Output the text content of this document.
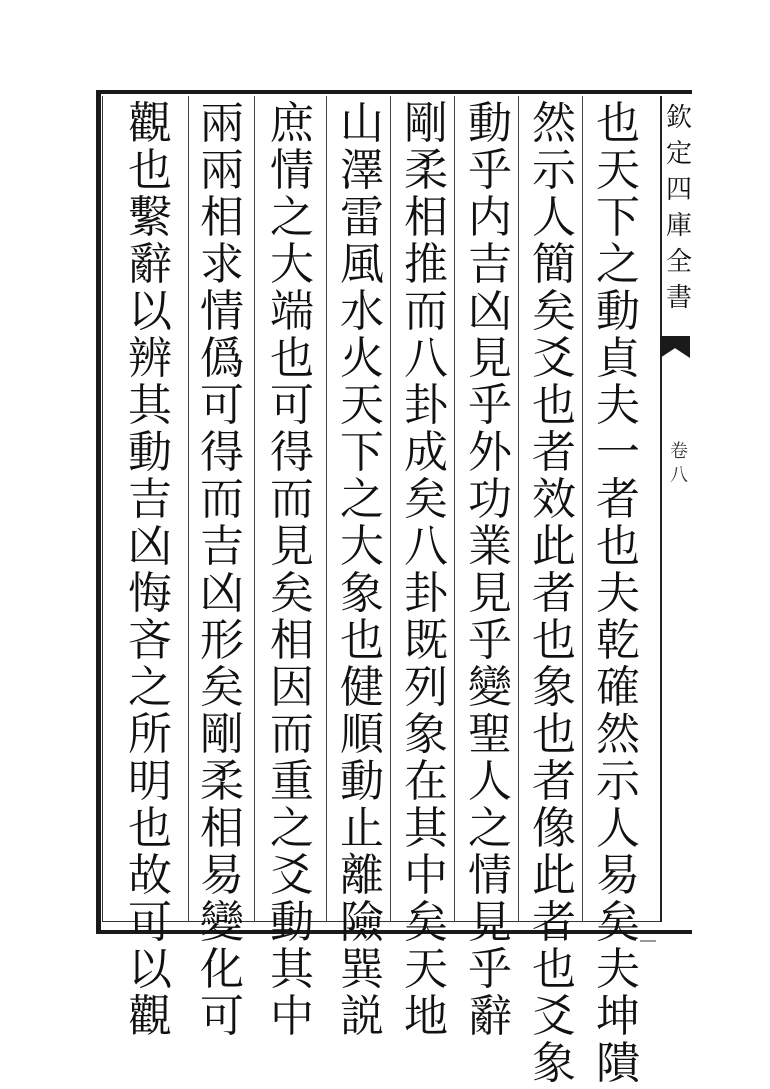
欽
定
四
庫
全
書
卷
八
也
天
下
之
動
貞
夫
一
者
也
夫
乾
確
然
示
人
易
矣
夫
坤
隤
然
示
人
簡
矣
爻
也
者
效
此
者
也
象
也
者
像
此
者
也
爻
象
動
乎
内
吉
凶
見
乎
外
功
業
見
乎
變
聖
人
之
情
見
乎
辭
剛
柔
相
推
而
八
卦
成
矣
八
卦
既
列
象
在
其
中
矣
天
地
山
澤
雷
風
水
火
天
下
之
大
象
也
健
順
動
止
離
險
巽
説
庶
情
之
大
端
也
可
得
而
見
矣
相
因
而
重
之
爻
動
其
中
兩
兩
相
求
情
僞
可
得
而
吉
凶
形
矣
剛
柔
相
易
變
化
可
觀
也
繫
辭
以
辨
其
動
吉
凶
悔
吝
之
所
明
也
故
可
以
觀
